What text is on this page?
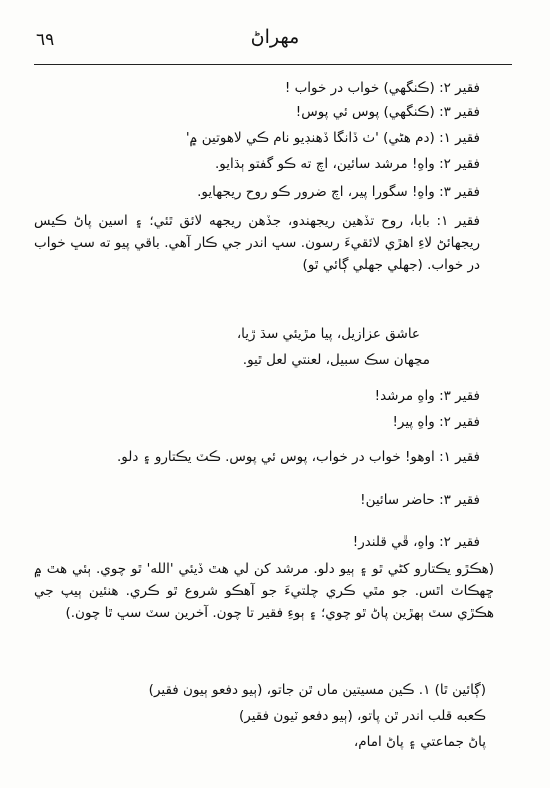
٦٩	مهراڻ
فقير ٢: (ڪنگهي) خواب در خواب !
فقير ٣: (ڪنگهي) پوس ئي پوس!
فقير ١: (دم هڻي) 'ٺ ڏانگا ڏهنڊيو نام ڪي لاهوتين ۾'
فقير ٢: واهِ! مرشد سائين، اچ ته ڪو گفتو ٻڌايو.
فقير ٣: واهِ! سگورا پير، اچ ضرور ڪو روح ريجهايو.
فقير ١: بابا، روح تڏهين ريجهندو، جڏهن ريجهه لائق ٿئي؛ ۽ اسين پاڻ ڪيس ريجهائڻ لاءِ اهڙي لائقيءَ رسون. سڀ اندر جي ڪار آهي. باقي پيو ته سڀ خواب در خواب. (جهلي جهلي ڳائي ٿو)
عاشق عزازيل، پيا مڙيئي سڌ ڙيا،
مڃهان سڪ سبيل، لعنتي لعل ٿيو.
فقير ٣: واهِ مرشد!
فقير ٢: واهِ پير!
فقير ١: اوهو! خواب در خواب، پوس ئي پوس. ڪٽ يڪتارو ۽ دلو.
فقير ٣: حاضر سائين!
فقير ٢: واهِ، ڦي قلندر!
(هڪڙو يڪتارو کڻي ٿو ۽ ٻيو دلو. مرشد کن لي هٿ ڏيئي 'الله' ٿو چوي. ٻئي هٿ ۾ ڇهڪاٽ اٿس. جو مٿي ڪري چلتيءَ جو آهڪو شروع ٿو ڪري. هنئين ٻيپ جي هڪڙي سٽ ٻهڙين پاڻ ٿو چوي؛ ۽ ٻوءِ فقير تا چون. آخرين سٽ سڀ ٿا چون.)
(ڳائين ٿا) ١. ڪين مسيتين ماں ٿن جاتو، (ٻيو دفعو ٻيون فقير)
ڪعبه قلب اندر ٿن پاتو، (ٻيو دفعو ٽيون فقير)
پاڻ جماعتي ۽ پاڻ امام،
